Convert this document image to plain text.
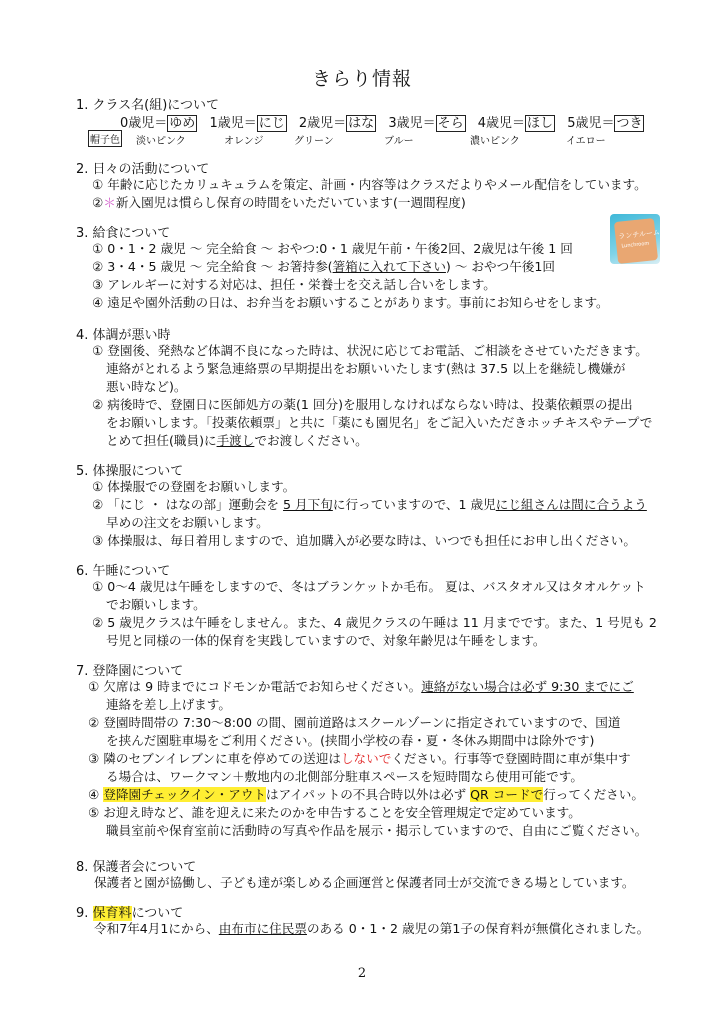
きらり情報
1. クラス名(組)について
0歳児＝ ゆめ 1歳児＝ にじ 2歳児＝ はな 3歳児＝ そら 4歳児＝ ほし 5歳児＝ つき
帽子色 淡いピンク	オレンジ	グリーン	ブルー	濃いピンク	イエロー
2. 日々の活動について
① 年齢に応じたカリュキュラムを策定、計画・内容等はクラスだよりやメール配信をしています。
②＊新入園児は慣らし保育の時間をいただいています(一週間程度)
3. 給食について
① 0・1・2 歳児 ～ 完全給食 ～ おやつ:0・1 歳児午前・午後2回、2歳児は午後 1 回
② 3・4・5 歳児 ～ 完全給食 ～ お箸持参(箸箱に入れて下さい) ～ おやつ午後1回
③ アレルギーに対する対応は、担任・栄養士を交え話し合いをします。
④ 遠足や園外活動の日は、お弁当をお願いすることがあります。事前にお知らせをします。
ランチルーム
Lunchroom
4. 体調が悪い時
① 登園後、発熱など体調不良になった時は、状況に応じてお電話、ご相談をさせていただきます。
連絡がとれるよう緊急連絡票の早期提出をお願いいたします(熱は 37.5 以上を継続し機嫌が
悪い時など)。
② 病後時で、登園日に医師処方の薬(1 回分)を服用しなければならない時は、投薬依頼票の提出
をお願いします。「投薬依頼票」と共に「薬にも園児名」をご記入いただきホッチキスやテープで
とめて担任(職員)に手渡しでお渡しください。
5. 体操服について
① 体操服での登園をお願いします。
② 「にじ ・ はなの部」運動会を 5 月下旬に行っていますので、1 歳児にじ組さんは間に合うよう
早めの注文をお願いします。
③ 体操服は、毎日着用しますので、追加購入が必要な時は、いつでも担任にお申し出ください。
6. 午睡について
① 0～4 歳児は午睡をしますので、冬はブランケットか毛布。 夏は、バスタオル又はタオルケット
でお願いします。
② 5 歳児クラスは午睡をしません。また、4 歳児クラスの午睡は 11 月までです。また、1 号児も 2
号児と同様の一体的保育を実践していますので、対象年齢児は午睡をします。
7. 登降園について
① 欠席は 9 時までにコドモンか電話でお知らせください。連絡がない場合は必ず 9:30 までにご
連絡を差し上げます。
② 登園時間帯の 7:30～8:00 の間、園前道路はスクールゾーンに指定されていますので、国道
を挟んだ園駐車場をご利用ください。(挟間小学校の春・夏・冬休み期間中は除外です)
③ 隣のセブンイレブンに車を停めての送迎はしないでください。行事等で登園時間に車が集中す
る場合は、ワークマン＋敷地内の北側部分駐車スペースを短時間なら使用可能です。
④ 登降園チェックイン・アウトはアイパットの不具合時以外は必ず QR コードで行ってください。
⑤ お迎え時など、誰を迎えに来たのかを申告することを安全管理規定で定めています。
職員室前や保育室前に活動時の写真や作品を展示・掲示していますので、自由にご覧ください。
8. 保護者会について
保護者と園が協働し、子ども達が楽しめる企画運営と保護者同士が交流できる場としています。
9. 保育料について
令和7年4月1にから、由布市に住民票のある 0・1・2 歳児の第1子の保育料が無償化されました。
2
